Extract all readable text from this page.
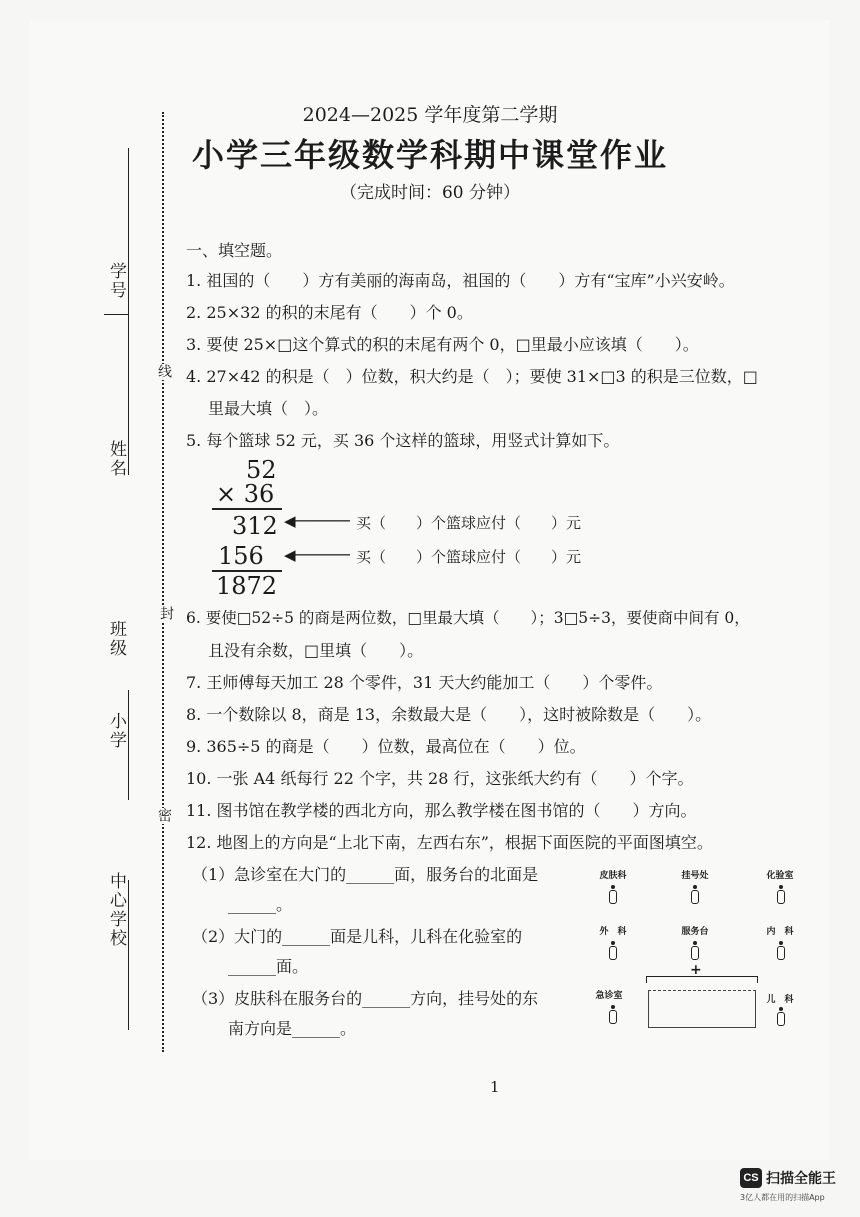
学号
姓名
班级
小学
中心学校
线
封
密
2024—2025 学年度第二学期
小学三年级数学科期中课堂作业
（完成时间：60 分钟）
一、填空题。
1. 祖国的（　　）方有美丽的海南岛，祖国的（　　）方有“宝库”小兴安岭。
2. 25×32 的积的末尾有（　　）个 0。
3. 要使 25×□这个算式的积的末尾有两个 0，□里最小应该填（　　）。
4. 27×42 的积是（　）位数，积大约是（　）；要使 31×□3 的积是三位数，□
里最大填（　）。
5. 每个篮球 52 元，买 36 个这样的篮球，用竖式计算如下。
52
× 36
312
156
1872
◀────── 买（　　）个篮球应付（　　）元
◀────── 买（　　）个篮球应付（　　）元
6. 要使□52÷5 的商是两位数，□里最大填（　　）；3□5÷3，要使商中间有 0，
且没有余数，□里填（　　）。
7. 王师傅每天加工 28 个零件，31 天大约能加工（　　）个零件。
8. 一个数除以 8，商是 13，余数最大是（　　），这时被除数是（　　）。
9. 365÷5 的商是（　　）位数，最高位在（　　）位。
10. 一张 A4 纸每行 22 个字，共 28 行，这张纸大约有（　　）个字。
11. 图书馆在教学楼的西北方向，那么教学楼在图书馆的（　　）方向。
12. 地图上的方向是“上北下南，左西右东”，根据下面医院的平面图填空。
（1）急诊室在大门的______面，服务台的北面是
______。
（2）大门的______面是儿科，儿科在化验室的
______面。
（3）皮肤科在服务台的______方向，挂号处的东
南方向是______。
皮肤科	挂号处	化验室
外　科	服务台	内　科
+
急诊室	儿　科
1
CS 扫描全能王
3亿人都在用的扫描App
